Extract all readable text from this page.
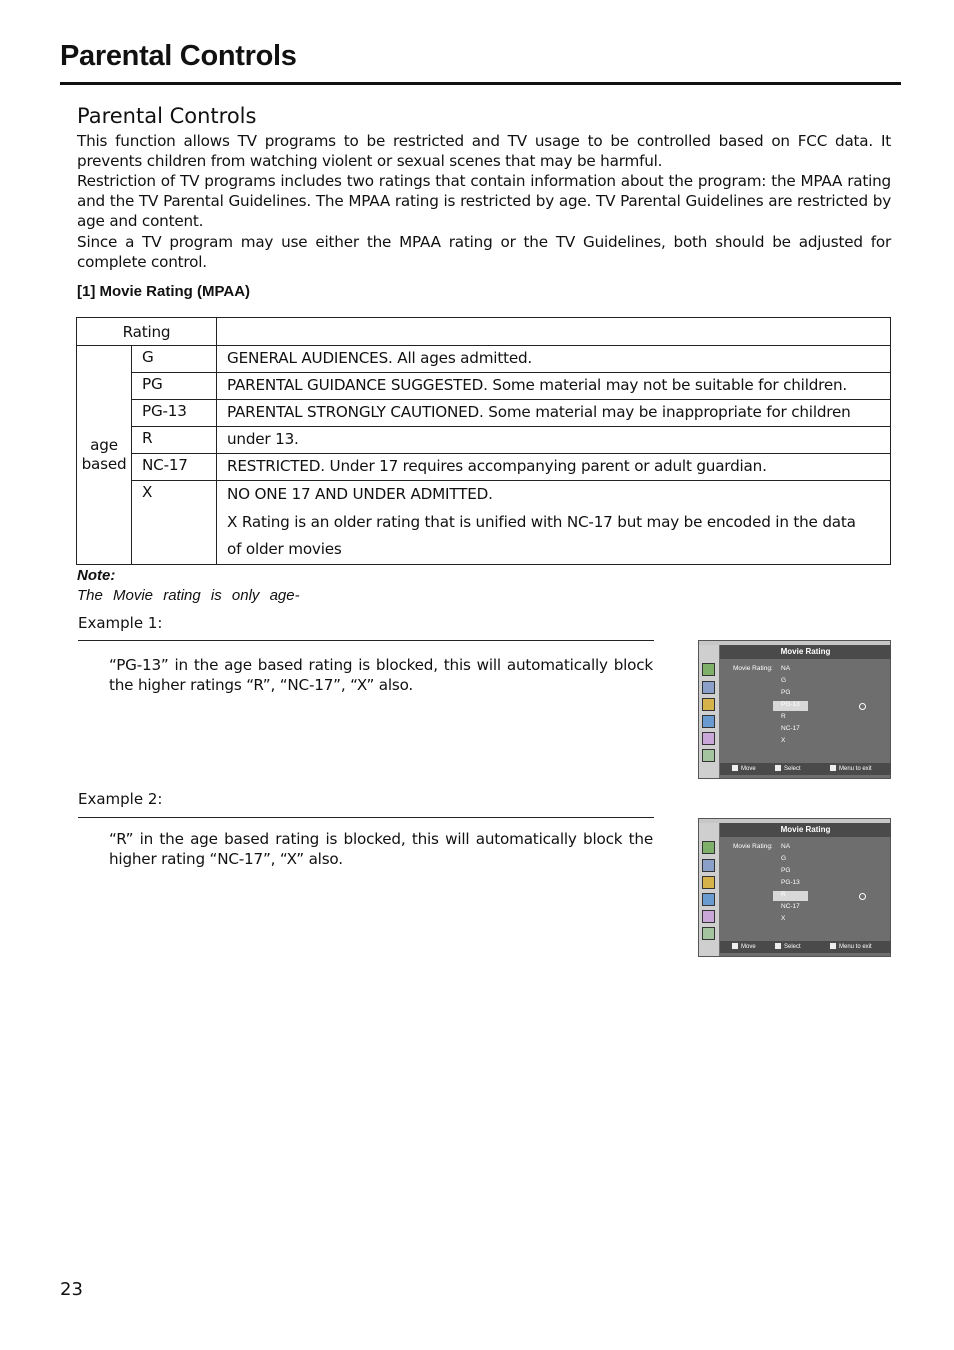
Parental Controls
Parental Controls
This function allows TV programs to be restricted and TV usage to be controlled based on FCC data. It prevents children from watching violent or sexual scenes that may be harmful.
Restriction of TV programs includes two ratings that contain information about the program: the MPAA rating and the TV Parental Guidelines. The MPAA rating is restricted by age. TV Parental Guidelines are restricted by age and content.
Since a TV program may use either the MPAA rating or the TV Guidelines, both should be adjusted for complete control.
[1] Movie Rating (MPAA)
Rating		
age
based	G	GENERAL AUDIENCES. All ages admitted.
	PG	PARENTAL GUIDANCE SUGGESTED. Some material may not be suitable for children.
	PG-13	PARENTAL STRONGLY CAUTIONED. Some material may be inappropriate for children
	R	under 13.
	NC-17	RESTRICTED. Under 17 requires accompanying parent or adult guardian.
	X	NO ONE 17 AND UNDER ADMITTED.
X Rating is an older rating that is unified with NC-17 but may be encoded in the data
of older movies
Note:
The Movie rating is only age-
Example 1:
“PG-13” in the age based rating is blocked, this will automatically block the higher ratings “R”, “NC-17”, “X” also.
Example 2:
“R” in the age based rating is blocked, this will automatically block the higher rating “NC-17”, “X” also.
Movie Rating
Movie Rating: NA
G
PG
PG-13
R
NC-17
X
Move	Select	Menu to exit
Movie Rating
Movie Rating: NA
G
PG
PG-13
R
NC-17
X
Move	Select	Menu to exit
23
